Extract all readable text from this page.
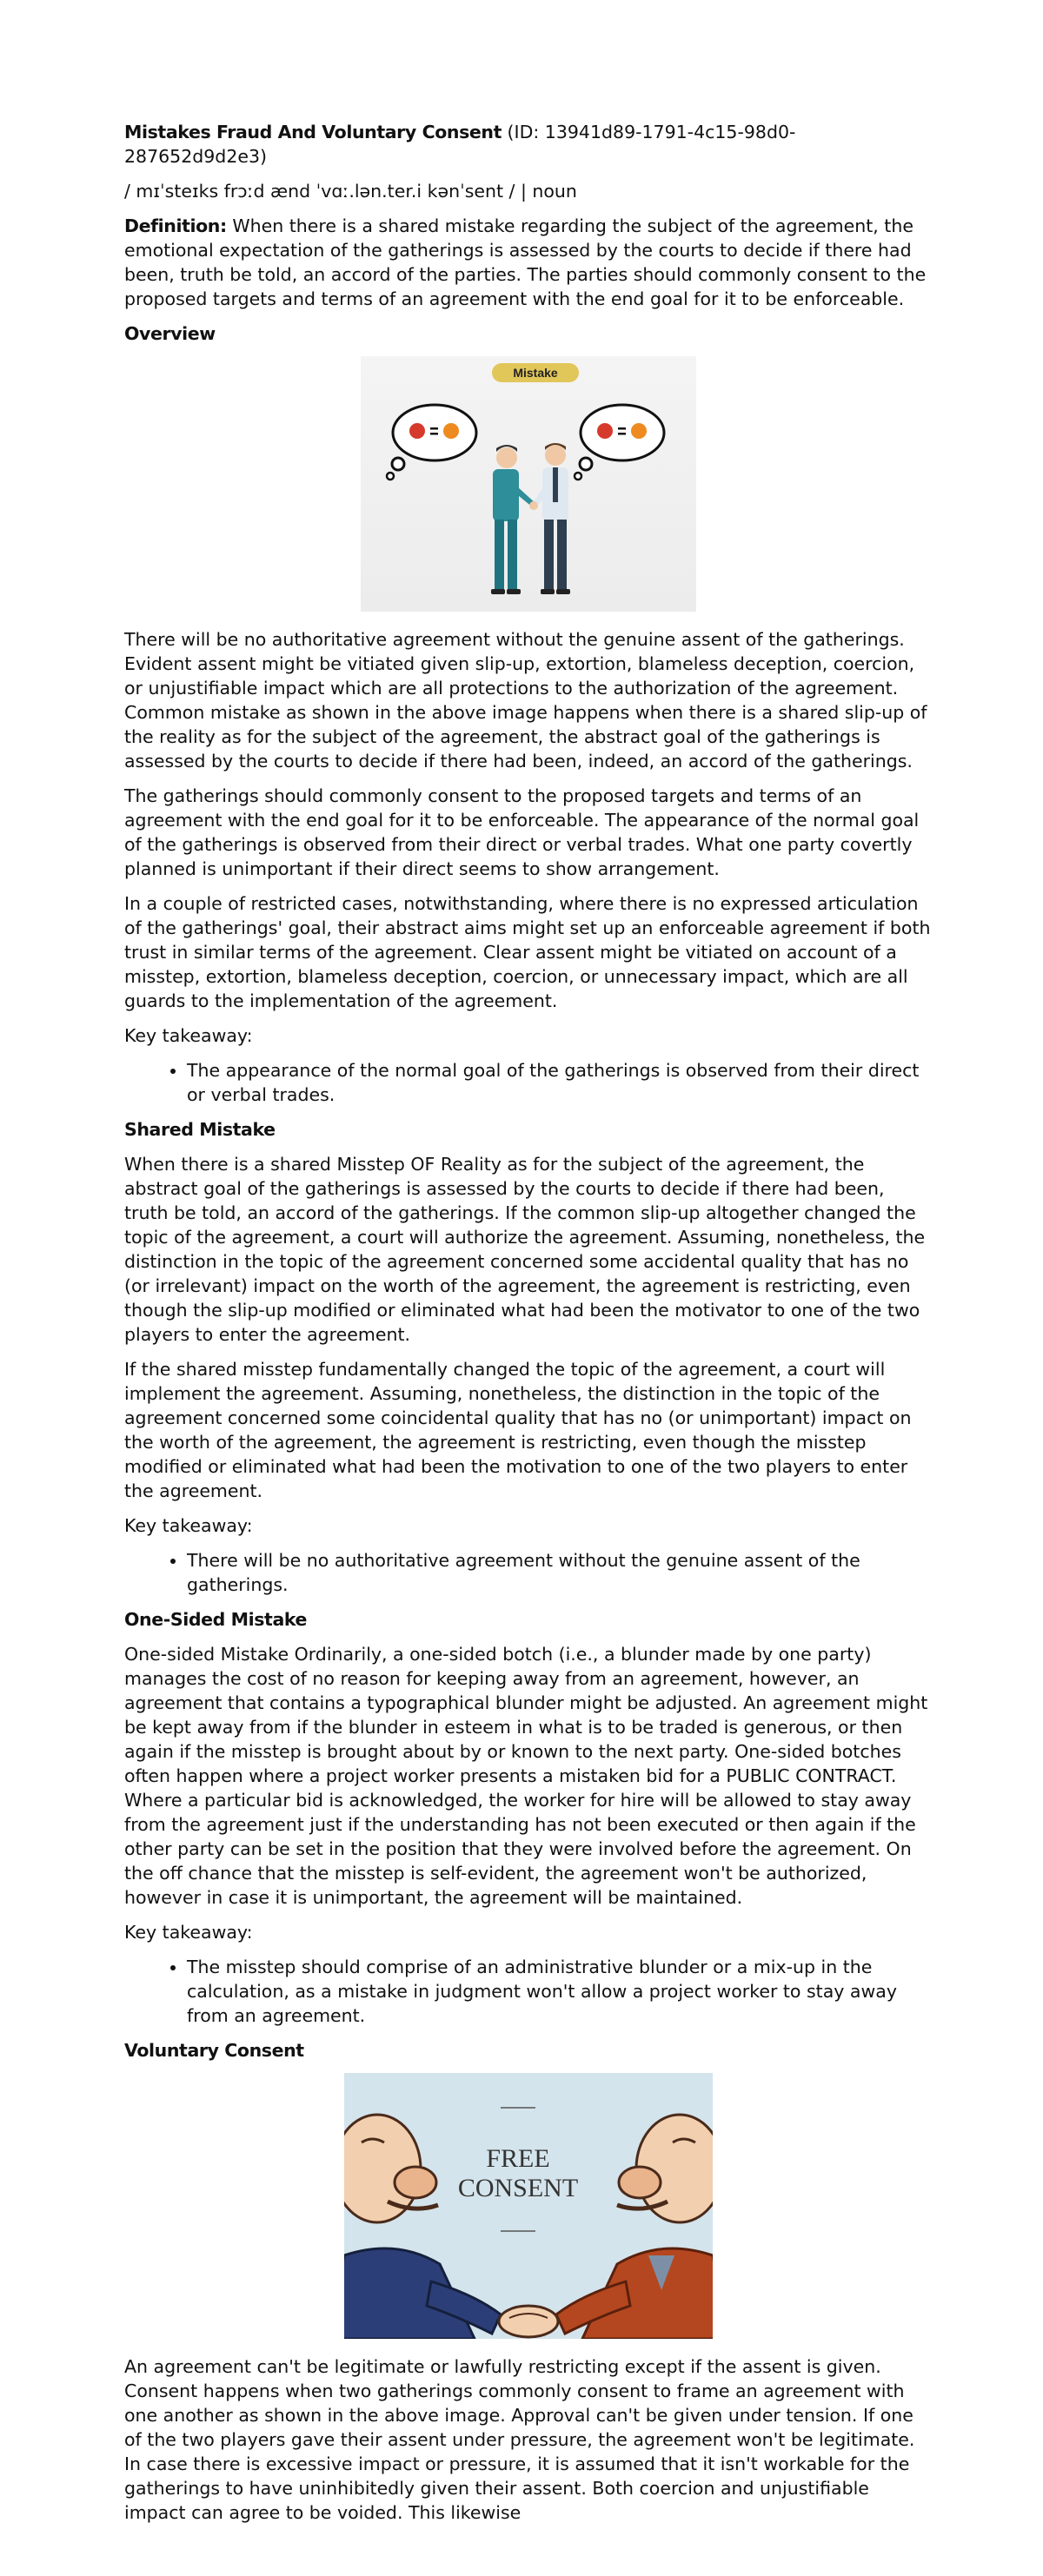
Mistakes Fraud And Voluntary Consent (ID: 13941d89-1791-4c15-98d0-287652d9d2e3)

/ mɪˈsteɪks frɔːd ænd ˈvɑː.lən.ter.i kənˈsent / | noun

Definition: When there is a shared mistake regarding the subject of the agreement, the emotional expectation of the gatherings is assessed by the courts to decide if there had been, truth be told, an accord of the parties. The parties should commonly consent to the proposed targets and terms of an agreement with the end goal for it to be enforceable.

Overview
Mistake

There will be no authoritative agreement without the genuine assent of the gatherings. Evident assent might be vitiated given slip-up, extortion, blameless deception, coercion, or unjustifiable impact which are all protections to the authorization of the agreement. Common mistake as shown in the above image happens when there is a shared slip-up of the reality as for the subject of the agreement, the abstract goal of the gatherings is assessed by the courts to decide if there had been, indeed, an accord of the gatherings.

The gatherings should commonly consent to the proposed targets and terms of an agreement with the end goal for it to be enforceable. The appearance of the normal goal of the gatherings is observed from their direct or verbal trades. What one party covertly planned is unimportant if their direct seems to show arrangement.

In a couple of restricted cases, notwithstanding, where there is no expressed articulation of the gatherings' goal, their abstract aims might set up an enforceable agreement if both trust in similar terms of the agreement. Clear assent might be vitiated on account of a misstep, extortion, blameless deception, coercion, or unnecessary impact, which are all guards to the implementation of the agreement.

Key takeaway:

• The appearance of the normal goal of the gatherings is observed from their direct or verbal trades.
Shared Mistake

When there is a shared Misstep OF Reality as for the subject of the agreement, the abstract goal of the gatherings is assessed by the courts to decide if there had been, truth be told, an accord of the gatherings. If the common slip-up altogether changed the topic of the agreement, a court will authorize the agreement. Assuming, nonetheless, the distinction in the topic of the agreement concerned some accidental quality that has no (or irrelevant) impact on the worth of the agreement, the agreement is restricting, even though the slip-up modified or eliminated what had been the motivator to one of the two players to enter the agreement.

If the shared misstep fundamentally changed the topic of the agreement, a court will implement the agreement. Assuming, nonetheless, the distinction in the topic of the agreement concerned some coincidental quality that has no (or unimportant) impact on the worth of the agreement, the agreement is restricting, even though the misstep modified or eliminated what had been the motivation to one of the two players to enter the agreement.

Key takeaway:

• There will be no authoritative agreement without the genuine assent of the gatherings.
One-Sided Mistake

One-sided Mistake Ordinarily, a one-sided botch (i.e., a blunder made by one party) manages the cost of no reason for keeping away from an agreement, however, an agreement that contains a typographical blunder might be adjusted. An agreement might be kept away from if the blunder in esteem in what is to be traded is generous, or then again if the misstep is brought about by or known to the next party. One-sided botches often happen where a project worker presents a mistaken bid for a PUBLIC CONTRACT. Where a particular bid is acknowledged, the worker for hire will be allowed to stay away from the agreement just if the understanding has not been executed or then again if the other party can be set in the position that they were involved before the agreement. On the off chance that the misstep is self-evident, the agreement won't be authorized, however in case it is unimportant, the agreement will be maintained.

Key takeaway:

• The misstep should comprise of an administrative blunder or a mix-up in the calculation, as a mistake in judgment won't allow a project worker to stay away from an agreement.
Voluntary Consent
FREE
CONSENT

An agreement can't be legitimate or lawfully restricting except if the assent is given. Consent happens when two gatherings commonly consent to frame an agreement with one another as shown in the above image. Approval can't be given under tension. If one of the two players gave their assent under pressure, the agreement won't be legitimate. In case there is excessive impact or pressure, it is assumed that it isn't workable for the gatherings to have uninhibitedly given their assent. Both coercion and unjustifiable impact can agree to be voided. This likewise
